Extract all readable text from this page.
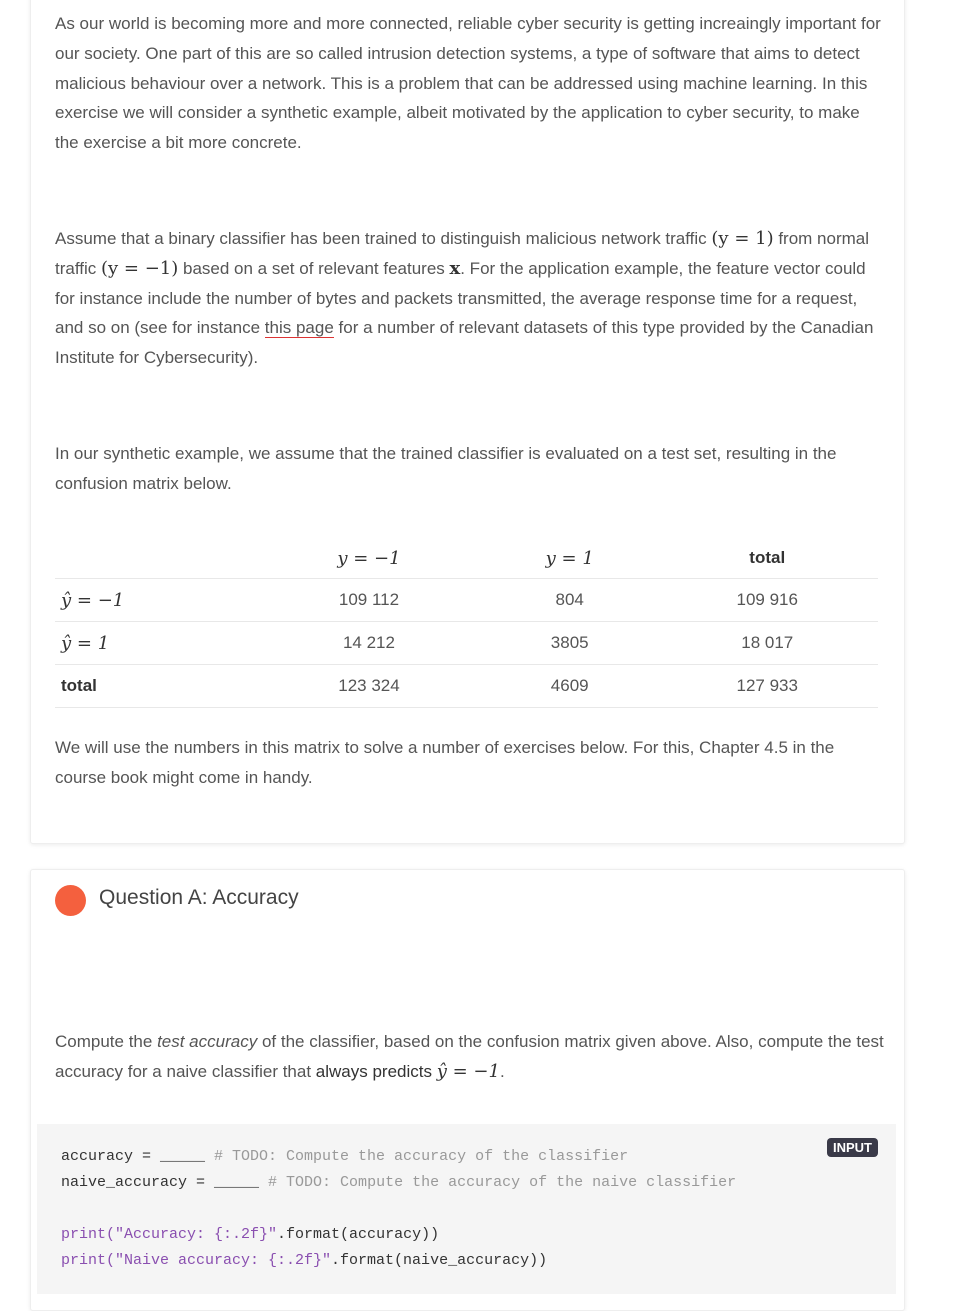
As our world is becoming more and more connected, reliable cyber security is getting increaingly important for our society. One part of this are so called intrusion detection systems, a type of software that aims to detect malicious behaviour over a network. This is a problem that can be addressed using machine learning. In this exercise we will consider a synthetic example, albeit motivated by the application to cyber security, to make the exercise a bit more concrete.

Assume that a binary classifier has been trained to distinguish malicious network traffic (y = 1) from normal traffic (y = −1) based on a set of relevant features x. For the application example, the feature vector could for instance include the number of bytes and packets transmitted, the average response time for a request, and so on (see for instance this page for a number of relevant datasets of this type provided by the Canadian Institute for Cybersecurity).

In our synthetic example, we assume that the trained classifier is evaluated on a test set, resulting in the confusion matrix below.

	y = −1	y = 1	total
ŷ = −1	109 112	804	109 916
ŷ = 1	14 212	3805	18 017
total	123 324	4609	127 933

We will use the numbers in this matrix to solve a number of exercises below. For this, Chapter 4.5 in the course book might come in handy.

Question A: Accuracy

Compute the test accuracy of the classifier, based on the confusion matrix given above. Also, compute the test accuracy for a naive classifier that always predicts ŷ = −1.

INPUT
accuracy = _____ # TODO: Compute the accuracy of the classifier
naive_accuracy = _____ # TODO: Compute the accuracy of the naive classifier

print("Accuracy: {:.2f}".format(accuracy))
print("Naive accuracy: {:.2f}".format(naive_accuracy))
